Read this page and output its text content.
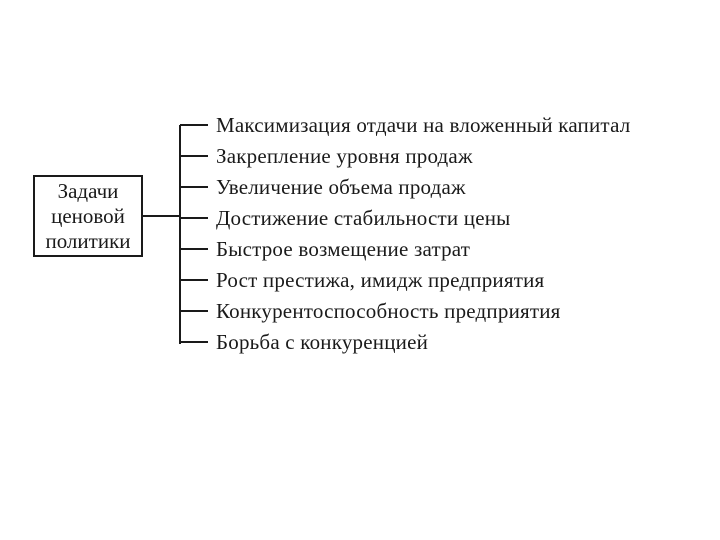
Задачи
ценовой
политики
Максимизация отдачи на вложенный капитал
Закрепление уровня продаж
Увеличение объема продаж
Достижение стабильности цены
Быстрое возмещение затрат
Рост престижа, имидж предприятия
Конкурентоспособность предприятия
Борьба с конкуренцией
